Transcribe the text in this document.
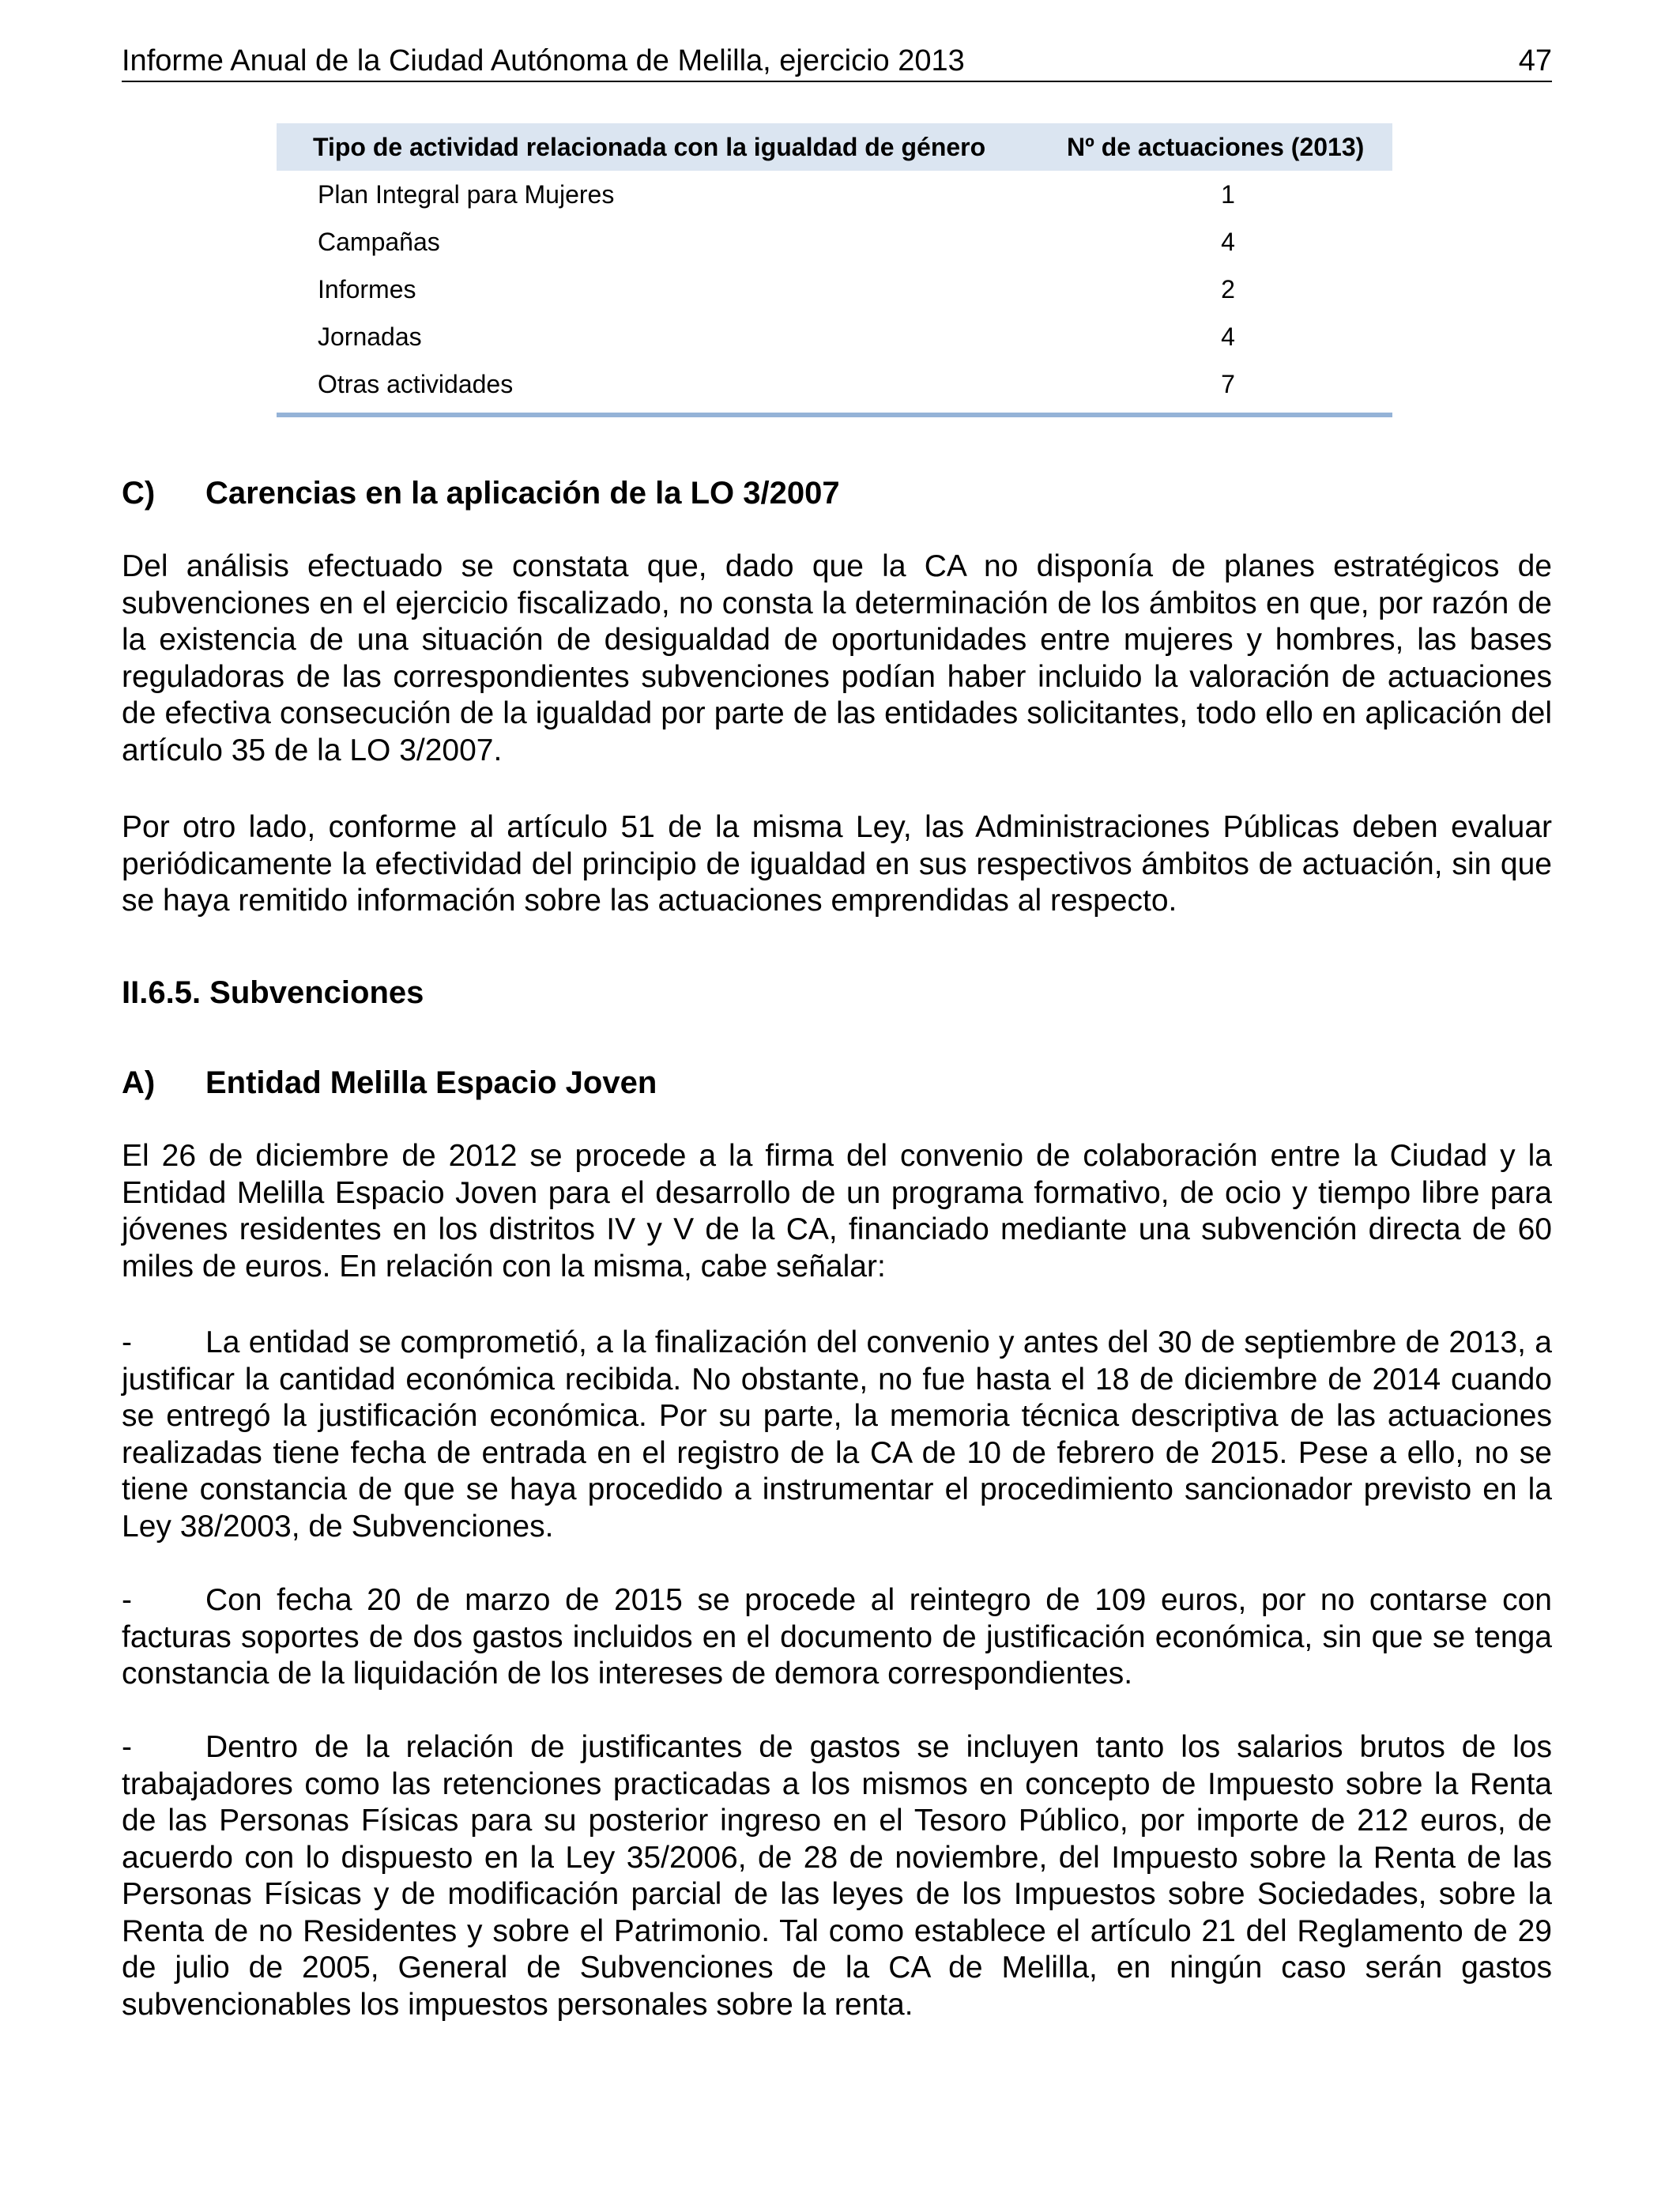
Informe Anual de la Ciudad Autónoma de Melilla, ejercicio 2013	47
Tipo de actividad relacionada con la igualdad de género	Nº de actuaciones (2013)
Plan Integral para Mujeres	1
Campañas	4
Informes	2
Jornadas	4
Otras actividades	7
C) Carencias en la aplicación de la LO 3/2007
Del análisis efectuado se constata que, dado que la CA no disponía de planes estratégicos de subvenciones en el ejercicio fiscalizado, no consta la determinación de los ámbitos en que, por razón de la existencia de una situación de desigualdad de oportunidades entre mujeres y hombres, las bases reguladoras de las correspondientes subvenciones podían haber incluido la valoración de actuaciones de efectiva consecución de la igualdad por parte de las entidades solicitantes, todo ello en aplicación del artículo 35 de la LO 3/2007.
Por otro lado, conforme al artículo 51 de la misma Ley, las Administraciones Públicas deben evaluar periódicamente la efectividad del principio de igualdad en sus respectivos ámbitos de actuación, sin que se haya remitido información sobre las actuaciones emprendidas al respecto.
II.6.5. Subvenciones
A) Entidad Melilla Espacio Joven
El 26 de diciembre de 2012 se procede a la firma del convenio de colaboración entre la Ciudad y la Entidad Melilla Espacio Joven para el desarrollo de un programa formativo, de ocio y tiempo libre para jóvenes residentes en los distritos IV y V de la CA, financiado mediante una subvención directa de 60 miles de euros. En relación con la misma, cabe señalar:
- La entidad se comprometió, a la finalización del convenio y antes del 30 de septiembre de 2013, a justificar la cantidad económica recibida. No obstante, no fue hasta el 18 de diciembre de 2014 cuando se entregó la justificación económica. Por su parte, la memoria técnica descriptiva de las actuaciones realizadas tiene fecha de entrada en el registro de la CA de 10 de febrero de 2015. Pese a ello, no se tiene constancia de que se haya procedido a instrumentar el procedimiento sancionador previsto en la Ley 38/2003, de Subvenciones.
- Con fecha 20 de marzo de 2015 se procede al reintegro de 109 euros, por no contarse con facturas soportes de dos gastos incluidos en el documento de justificación económica, sin que se tenga constancia de la liquidación de los intereses de demora correspondientes.
- Dentro de la relación de justificantes de gastos se incluyen tanto los salarios brutos de los trabajadores como las retenciones practicadas a los mismos en concepto de Impuesto sobre la Renta de las Personas Físicas para su posterior ingreso en el Tesoro Público, por importe de 212 euros, de acuerdo con lo dispuesto en la Ley 35/2006, de 28 de noviembre, del Impuesto sobre la Renta de las Personas Físicas y de modificación parcial de las leyes de los Impuestos sobre Sociedades, sobre la Renta de no Residentes y sobre el Patrimonio. Tal como establece el artículo 21 del Reglamento de 29 de julio de 2005, General de Subvenciones de la CA de Melilla, en ningún caso serán gastos subvencionables los impuestos personales sobre la renta.
